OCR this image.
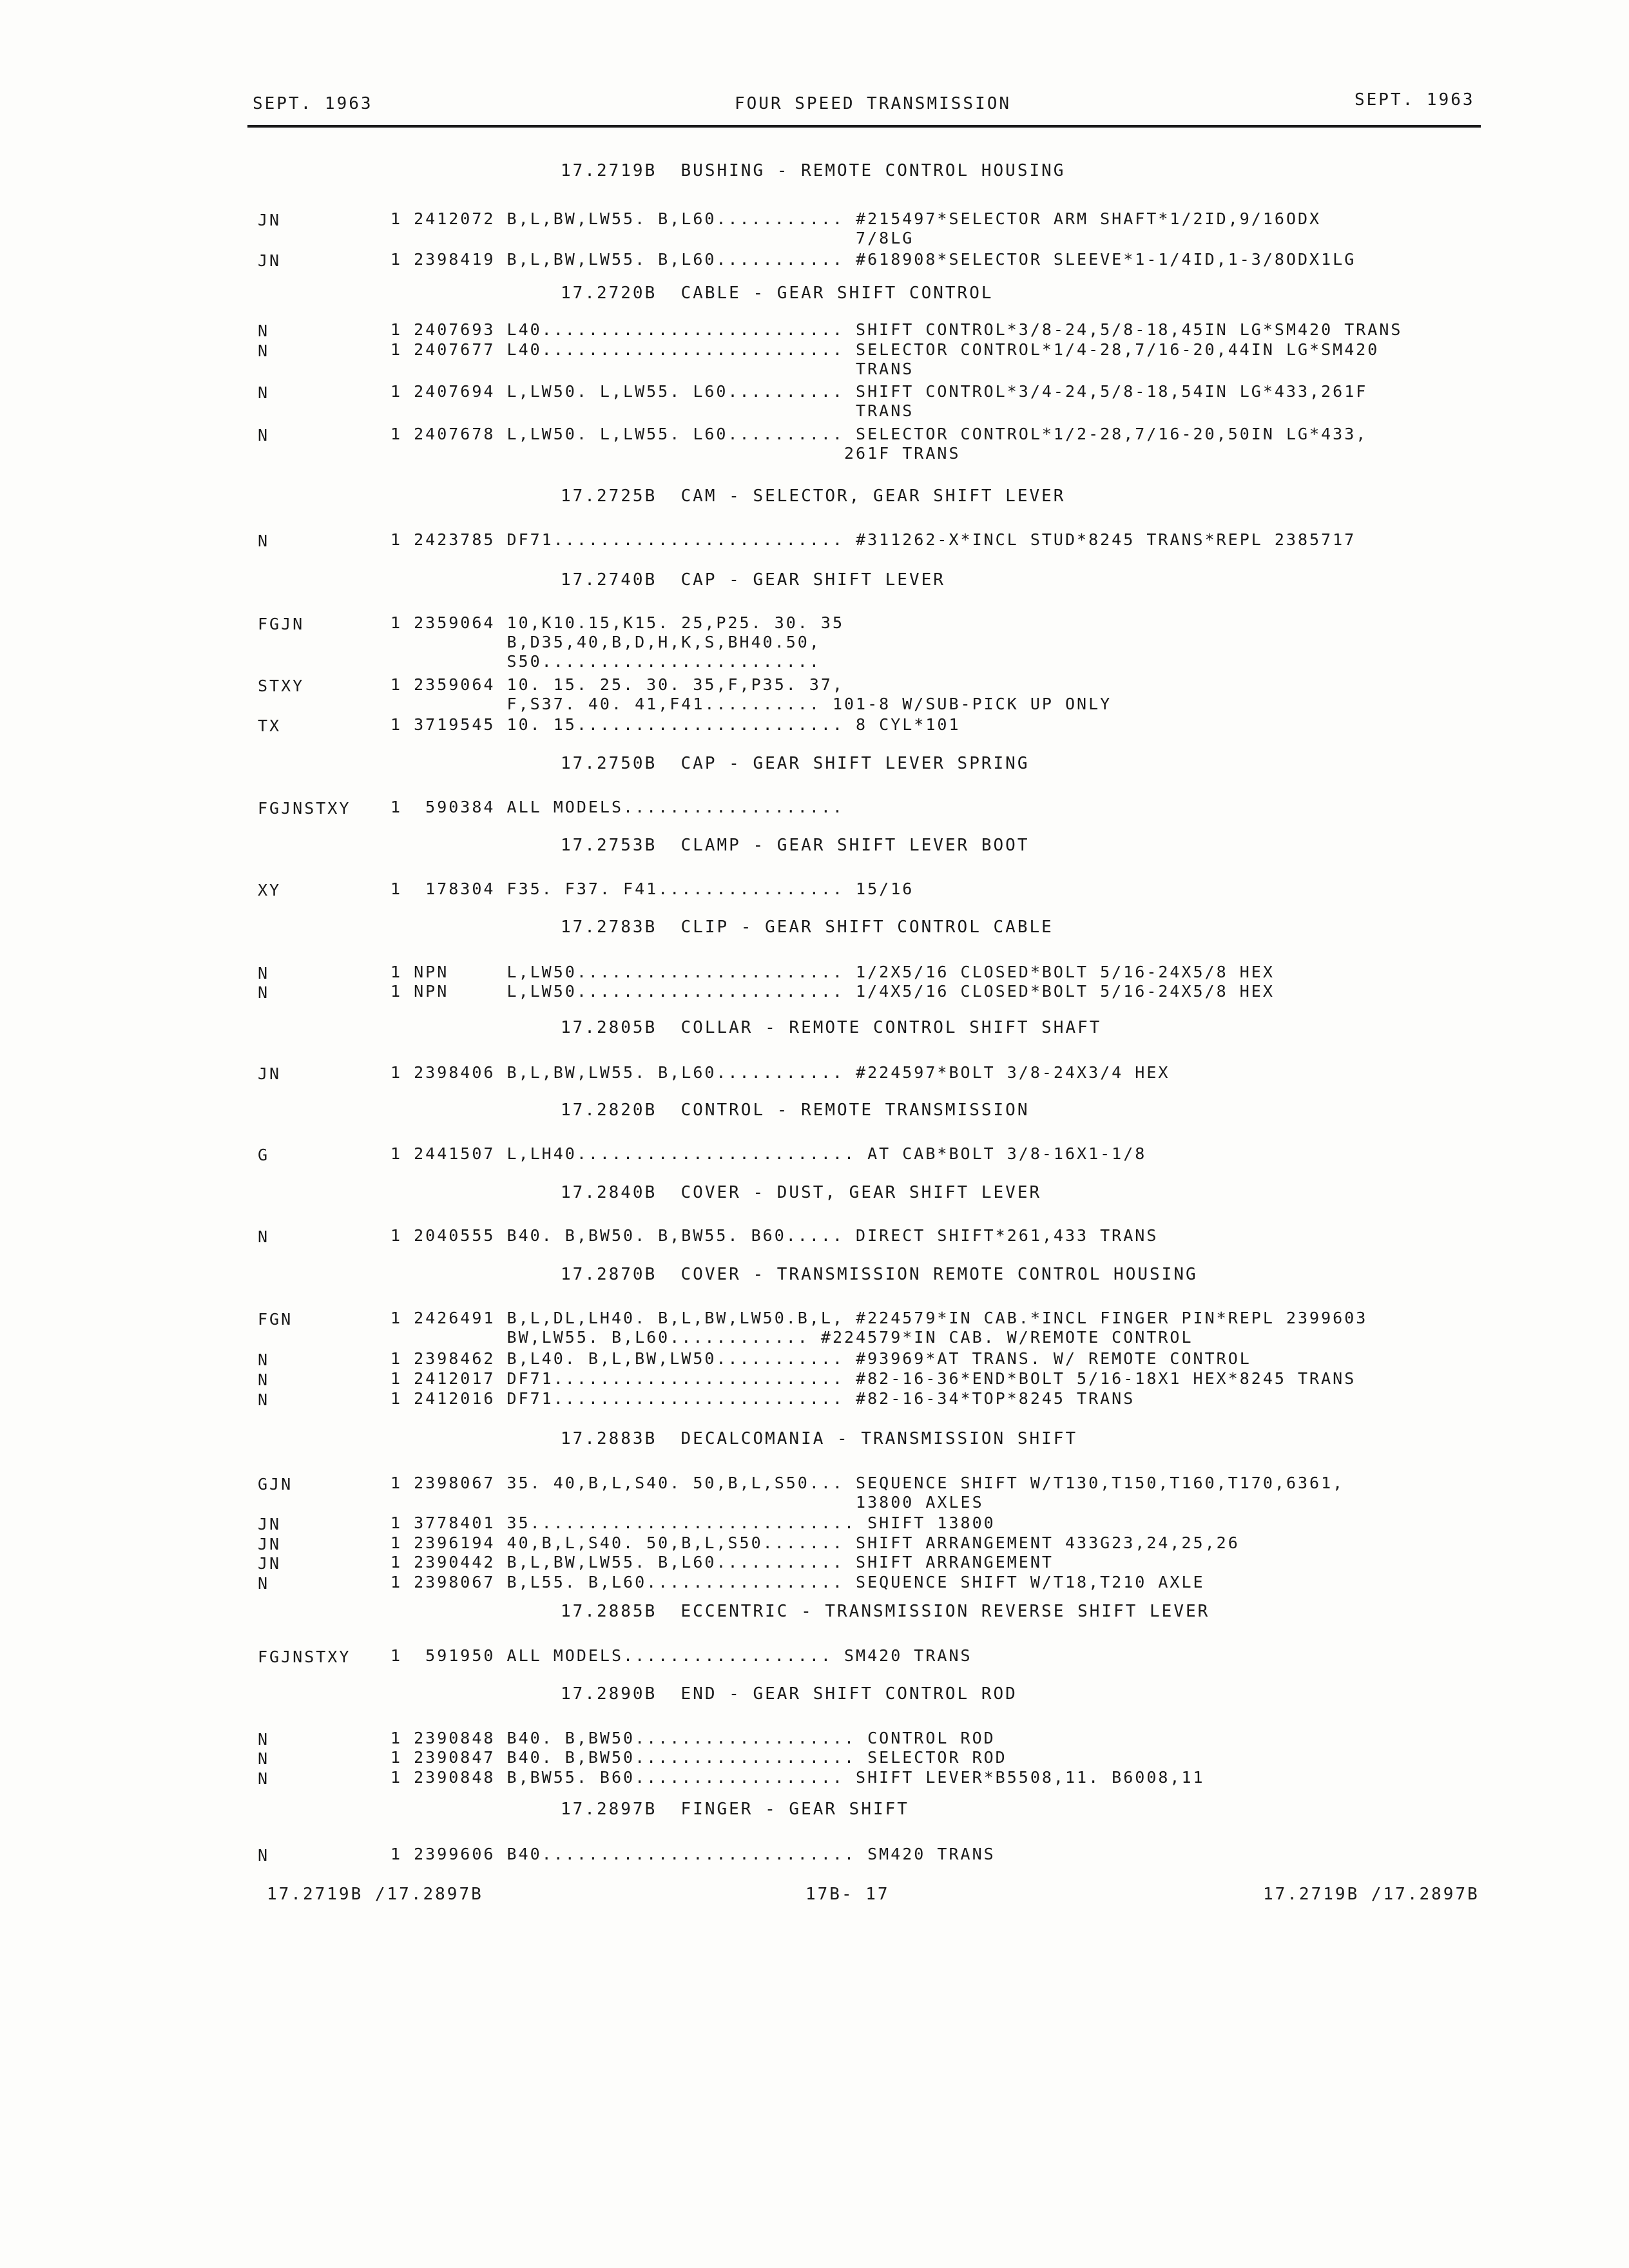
SEPT. 1963	FOUR SPEED TRANSMISSION	SEPT. 1963
17.2719B  BUSHING - REMOTE CONTROL HOUSING
JN	1 2412072 B,L,BW,LW55. B,L60........... #215497*SELECTOR ARM SHAFT*1/2ID,9/16ODX
7/8LG
JN	1 2398419 B,L,BW,LW55. B,L60........... #618908*SELECTOR SLEEVE*1-1/4ID,1-3/8ODX1LG
17.2720B  CABLE - GEAR SHIFT CONTROL
N	1 2407693 L40.......................... SHIFT CONTROL*3/8-24,5/8-18,45IN LG*SM420 TRANS
N	1 2407677 L40.......................... SELECTOR CONTROL*1/4-28,7/16-20,44IN LG*SM420
TRANS
N	1 2407694 L,LW50. L,LW55. L60.......... SHIFT CONTROL*3/4-24,5/8-18,54IN LG*433,261F
TRANS
N	1 2407678 L,LW50. L,LW55. L60.......... SELECTOR CONTROL*1/2-28,7/16-20,50IN LG*433,
261F TRANS
17.2725B  CAM - SELECTOR, GEAR SHIFT LEVER
N	1 2423785 DF71......................... #311262-X*INCL STUD*8245 TRANS*REPL 2385717
17.2740B  CAP - GEAR SHIFT LEVER
FGJN	1 2359064 10,K10.15,K15. 25,P25. 30. 35
B,D35,40,B,D,H,K,S,BH40.50,
S50........................
STXY	1 2359064 10. 15. 25. 30. 35,F,P35. 37,
F,S37. 40. 41,F41.......... 101-8 W/SUB-PICK UP ONLY
TX	1 3719545 10. 15....................... 8 CYL*101
17.2750B  CAP - GEAR SHIFT LEVER SPRING
FGJNSTXY 1  590384 ALL MODELS...................
17.2753B  CLAMP - GEAR SHIFT LEVER BOOT
XY	1  178304 F35. F37. F41................ 15/16
17.2783B  CLIP - GEAR SHIFT CONTROL CABLE
N	1 NPN     L,LW50....................... 1/2X5/16 CLOSED*BOLT 5/16-24X5/8 HEX
N	1 NPN     L,LW50....................... 1/4X5/16 CLOSED*BOLT 5/16-24X5/8 HEX
17.2805B  COLLAR - REMOTE CONTROL SHIFT SHAFT
JN	1 2398406 B,L,BW,LW55. B,L60........... #224597*BOLT 3/8-24X3/4 HEX
17.2820B  CONTROL - REMOTE TRANSMISSION
G	1 2441507 L,LH40........................ AT CAB*BOLT 3/8-16X1-1/8
17.2840B  COVER - DUST, GEAR SHIFT LEVER
N	1 2040555 B40. B,BW50. B,BW55. B60..... DIRECT SHIFT*261,433 TRANS
17.2870B  COVER - TRANSMISSION REMOTE CONTROL HOUSING
FGN	1 2426491 B,L,DL,LH40. B,L,BW,LW50.B,L, #224579*IN CAB.*INCL FINGER PIN*REPL 2399603
BW,LW55. B,L60............ #224579*IN CAB. W/REMOTE CONTROL
N	1 2398462 B,L40. B,L,BW,LW50........... #93969*AT TRANS. W/ REMOTE CONTROL
N	1 2412017 DF71......................... #82-16-36*END*BOLT 5/16-18X1 HEX*8245 TRANS
N	1 2412016 DF71......................... #82-16-34*TOP*8245 TRANS
17.2883B  DECALCOMANIA - TRANSMISSION SHIFT
GJN	1 2398067 35. 40,B,L,S40. 50,B,L,S50... SEQUENCE SHIFT W/T130,T150,T160,T170,6361,
13800 AXLES
JN	1 3778401 35............................ SHIFT 13800
JN	1 2396194 40,B,L,S40. 50,B,L,S50....... SHIFT ARRANGEMENT 433G23,24,25,26
JN	1 2390442 B,L,BW,LW55. B,L60........... SHIFT ARRANGEMENT
N	1 2398067 B,L55. B,L60................. SEQUENCE SHIFT W/T18,T210 AXLE
17.2885B  ECCENTRIC - TRANSMISSION REVERSE SHIFT LEVER
FGJNSTXY 1  591950 ALL MODELS.................. SM420 TRANS
17.2890B  END - GEAR SHIFT CONTROL ROD
N	1 2390848 B40. B,BW50................... CONTROL ROD
N	1 2390847 B40. B,BW50................... SELECTOR ROD
N	1 2390848 B,BW55. B60.................. SHIFT LEVER*B5508,11. B6008,11
17.2897B  FINGER - GEAR SHIFT
N	1 2399606 B40........................... SM420 TRANS
17.2719B /17.2897B	17B- 17	17.2719B /17.2897B
